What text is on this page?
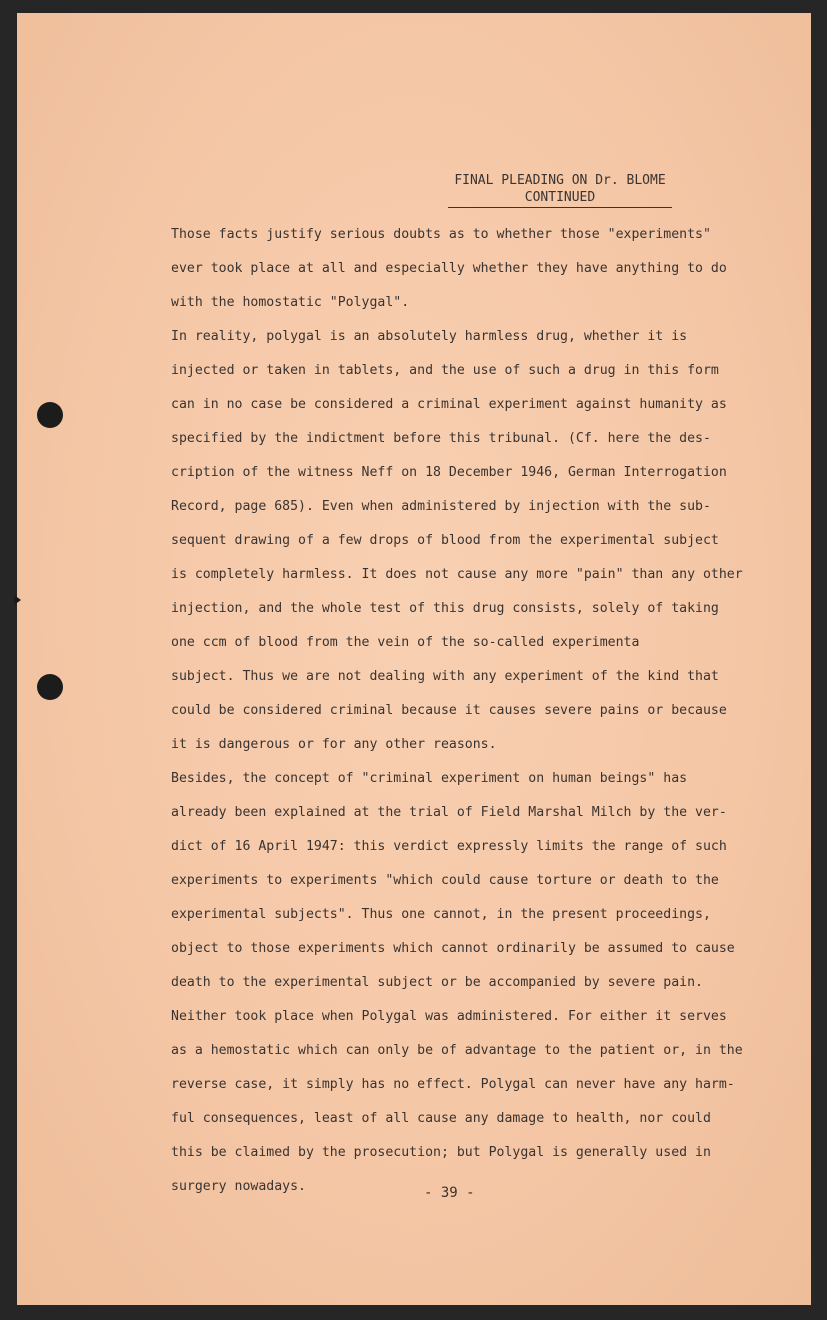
FINAL PLEADING ON Dr. BLOME
CONTINUED
Those facts justify serious doubts as to whether those "experiments"
ever took place at all and especially whether they have anything to do
with the homostatic "Polygal".
In reality, polygal is an absolutely harmless drug, whether it is
injected or taken in tablets, and the use of such a drug in this form
can in no case be considered a criminal experiment against humanity as
specified by the indictment before this tribunal. (Cf. here the des-
cription of the witness Neff on 18 December 1946, German Interrogation
Record, page 685). Even when administered by injection with the sub-
sequent drawing of a few drops of blood from the experimental subject
is completely harmless. It does not cause any more "pain" than any other
injection, and the whole test of this drug consists, solely of taking
one ccm of blood from the vein of the so-called experimenta
subject. Thus we are not dealing with any experiment of the kind that
could be considered criminal because it causes severe pains or because
it is dangerous or for any other reasons.
Besides, the concept of "criminal experiment on human beings" has
already been explained at the trial of Field Marshal Milch by the ver-
dict of 16 April 1947: this verdict expressly limits the range of such
experiments to experiments "which could cause torture or death to the
experimental subjects". Thus one cannot, in the present proceedings,
object to those experiments which cannot ordinarily be assumed to cause
death to the experimental subject or be accompanied by severe pain.
Neither took place when Polygal was administered. For either it serves
as a hemostatic which can only be of advantage to the patient or, in the
reverse case, it simply has no effect. Polygal can never have any harm-
ful consequences, least of all cause any damage to health, nor could
this be claimed by the prosecution; but Polygal is generally used in
surgery nowadays.	- 39 -
